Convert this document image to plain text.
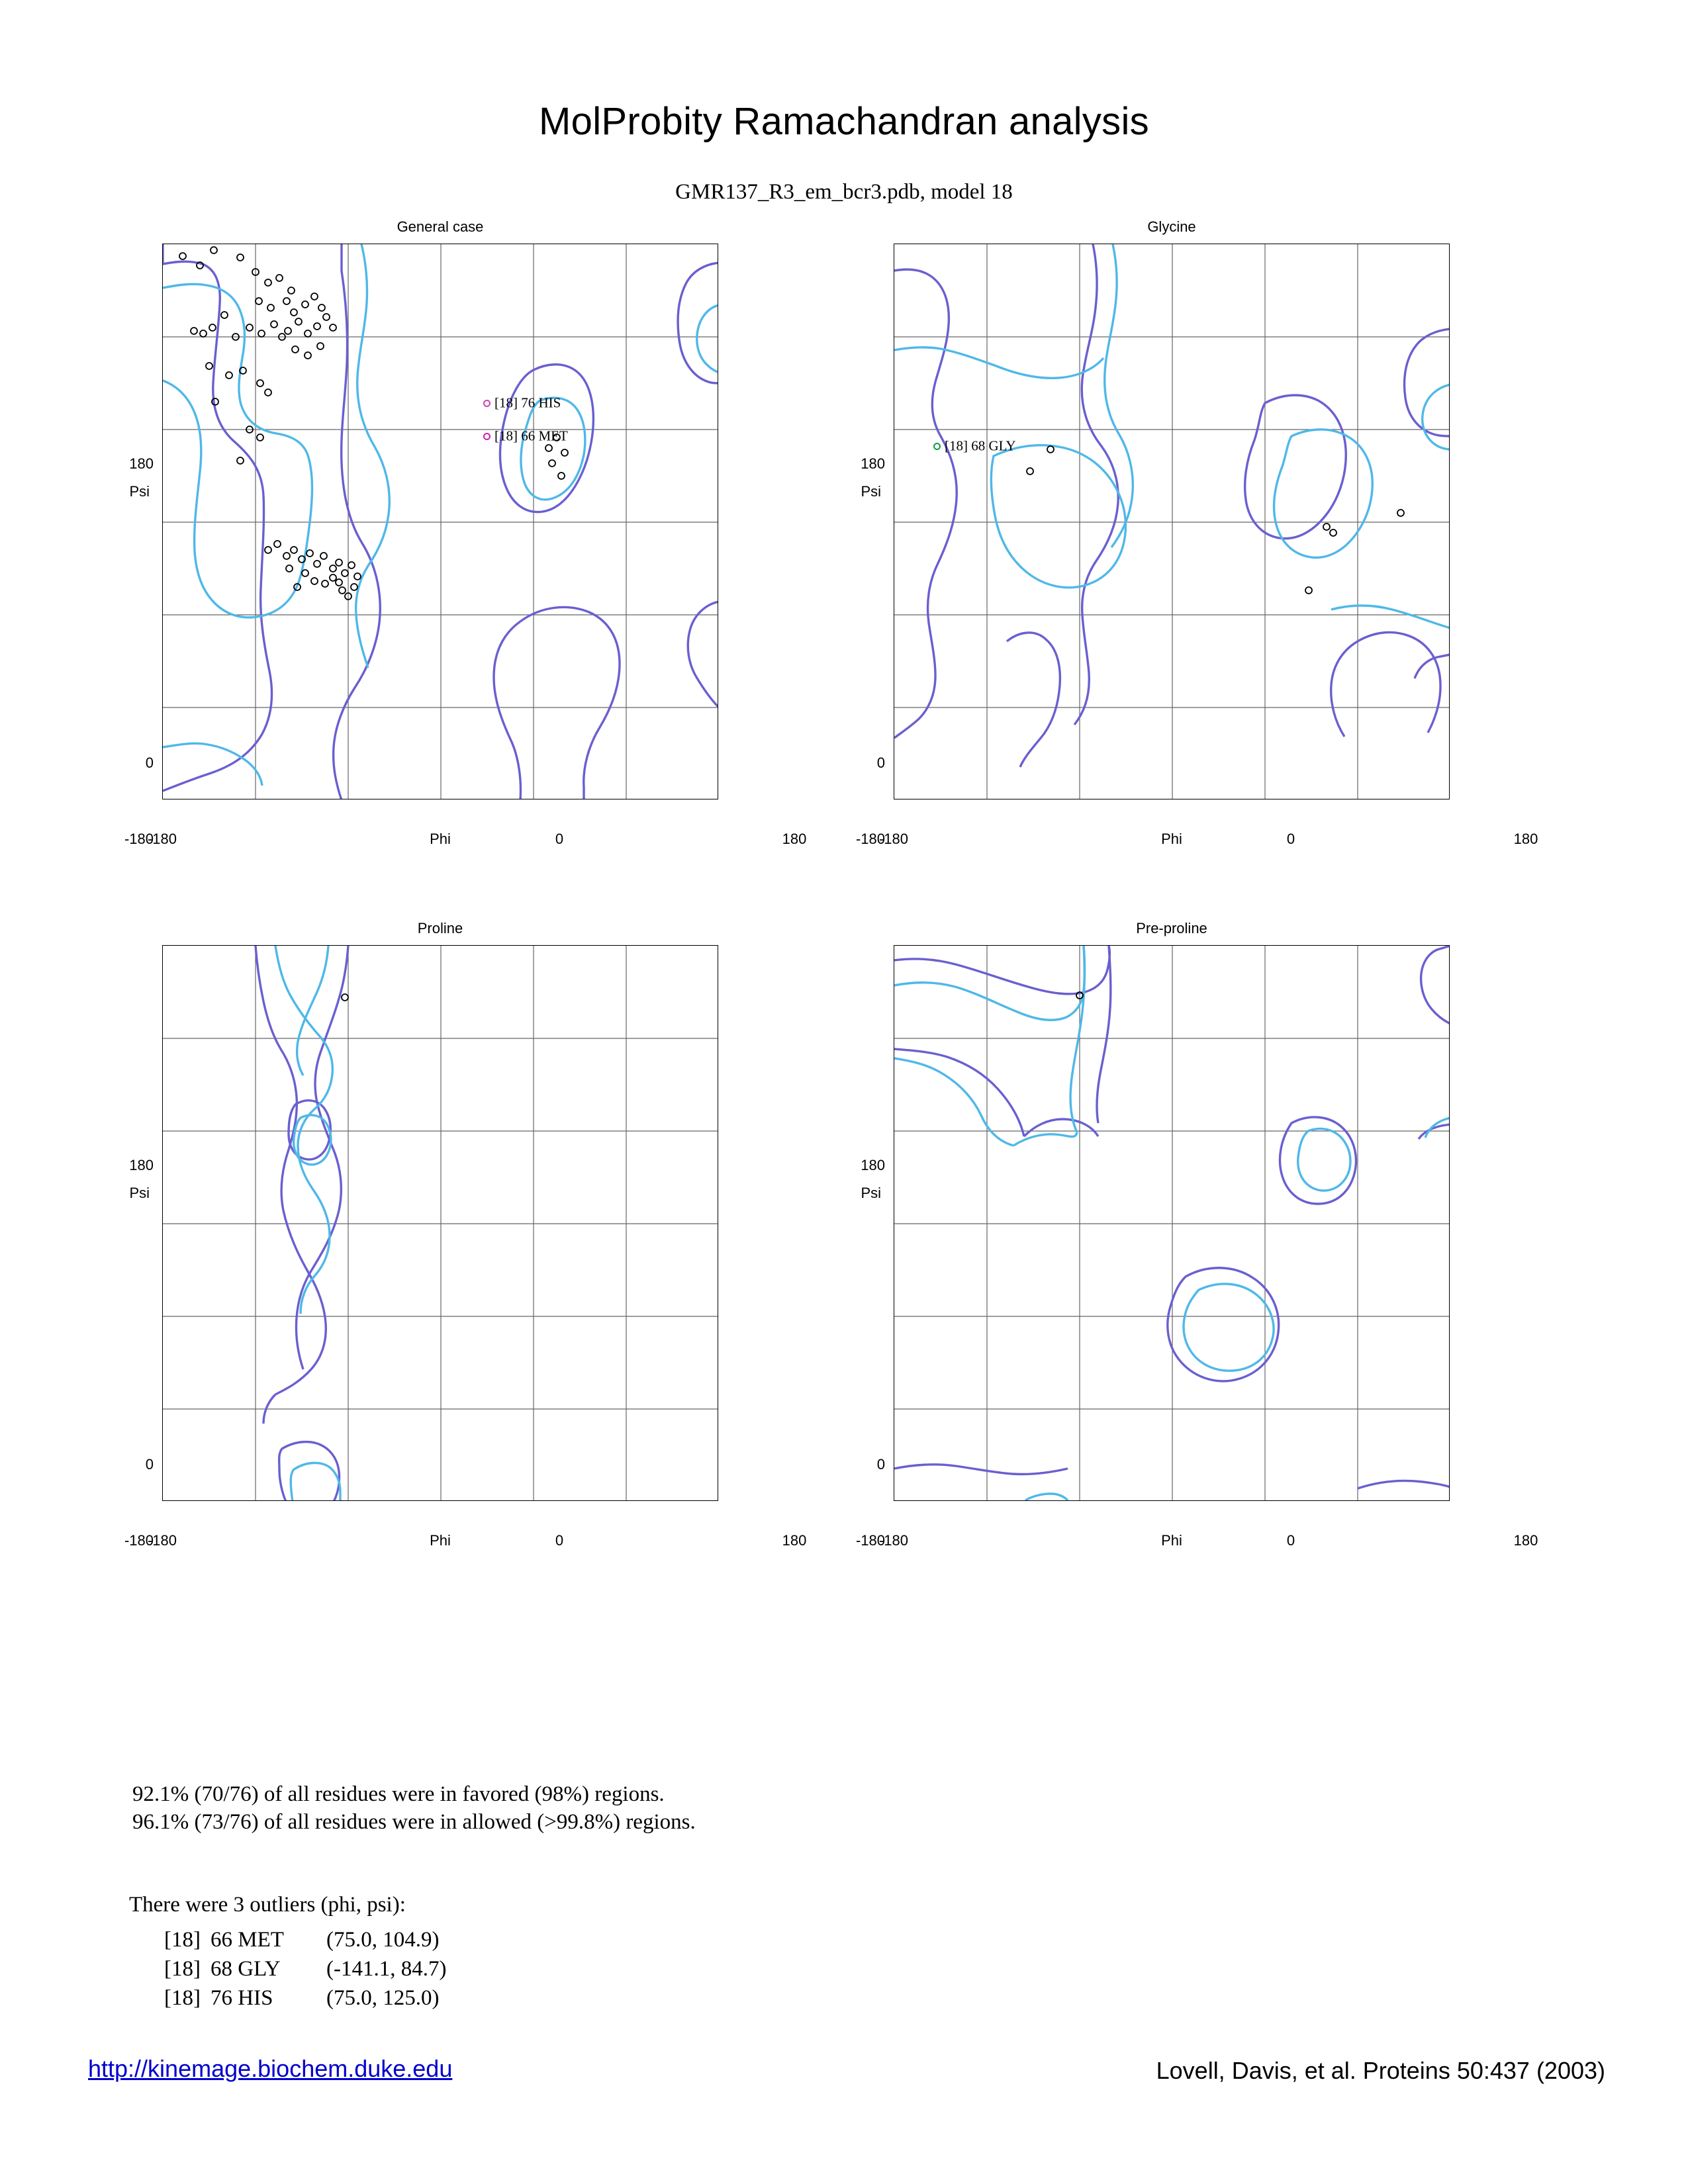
MolProbity Ramachandran analysis
GMR137_R3_em_bcr3.pdb, model 18
General case
180
Psi
0
[18] 76 HIS
[18] 66 MET
-180	0	180
Phi
Glycine
180
Psi
0
[18] 68 GLY
-180	0	180
Phi
Proline
180
Psi
0
-180	0	180
Phi
Pre-proline
180
Psi
0
-180	0	180
Phi
-180	-180
-180	-180
92.1% (70/76) of all residues were in favored (98%) regions.
96.1% (73/76) of all residues were in allowed (>99.8%) regions.
There were 3 outliers (phi, psi):
[18] 66 MET (75.0, 104.9)
[18] 68 GLY (-141.1, 84.7)
[18] 76 HIS (75.0, 125.0)
http://kinemage.biochem.duke.edu	Lovell, Davis, et al. Proteins 50:437 (2003)
